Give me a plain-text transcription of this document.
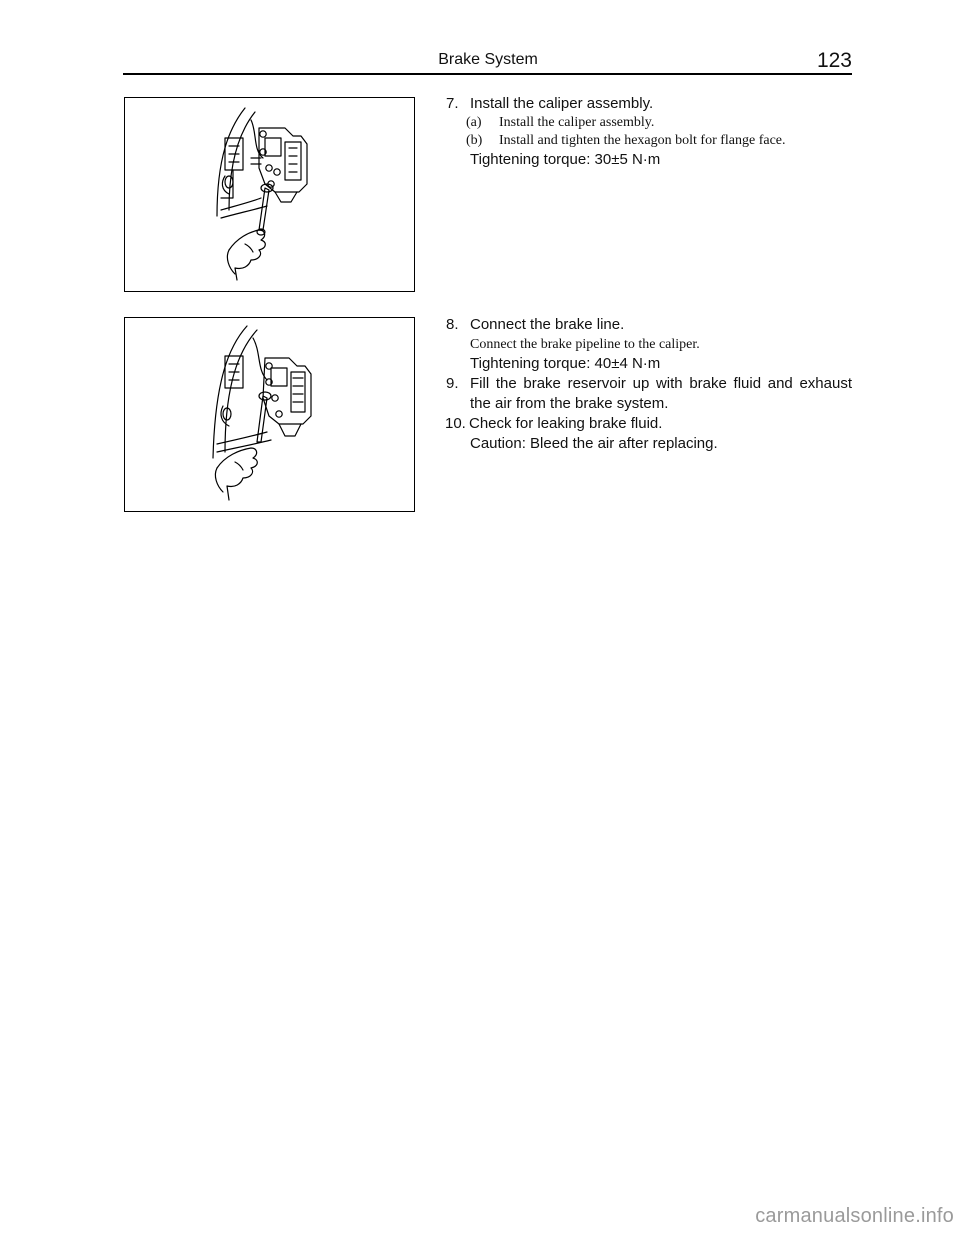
Brake System	123
7. Install the caliper assembly.
(a)	Install the caliper assembly.
(b)	Install and tighten the hexagon bolt for flange face.
Tightening torque: 30±5 N·m
8. Connect the brake line.
Connect the brake pipeline to the caliper.
Tightening torque: 40±4 N·m
9. Fill the brake reservoir up with brake fluid and exhaust the air from the brake system.
10. Check for leaking brake fluid.
Caution: Bleed the air after replacing.
carmanualsonline.info
